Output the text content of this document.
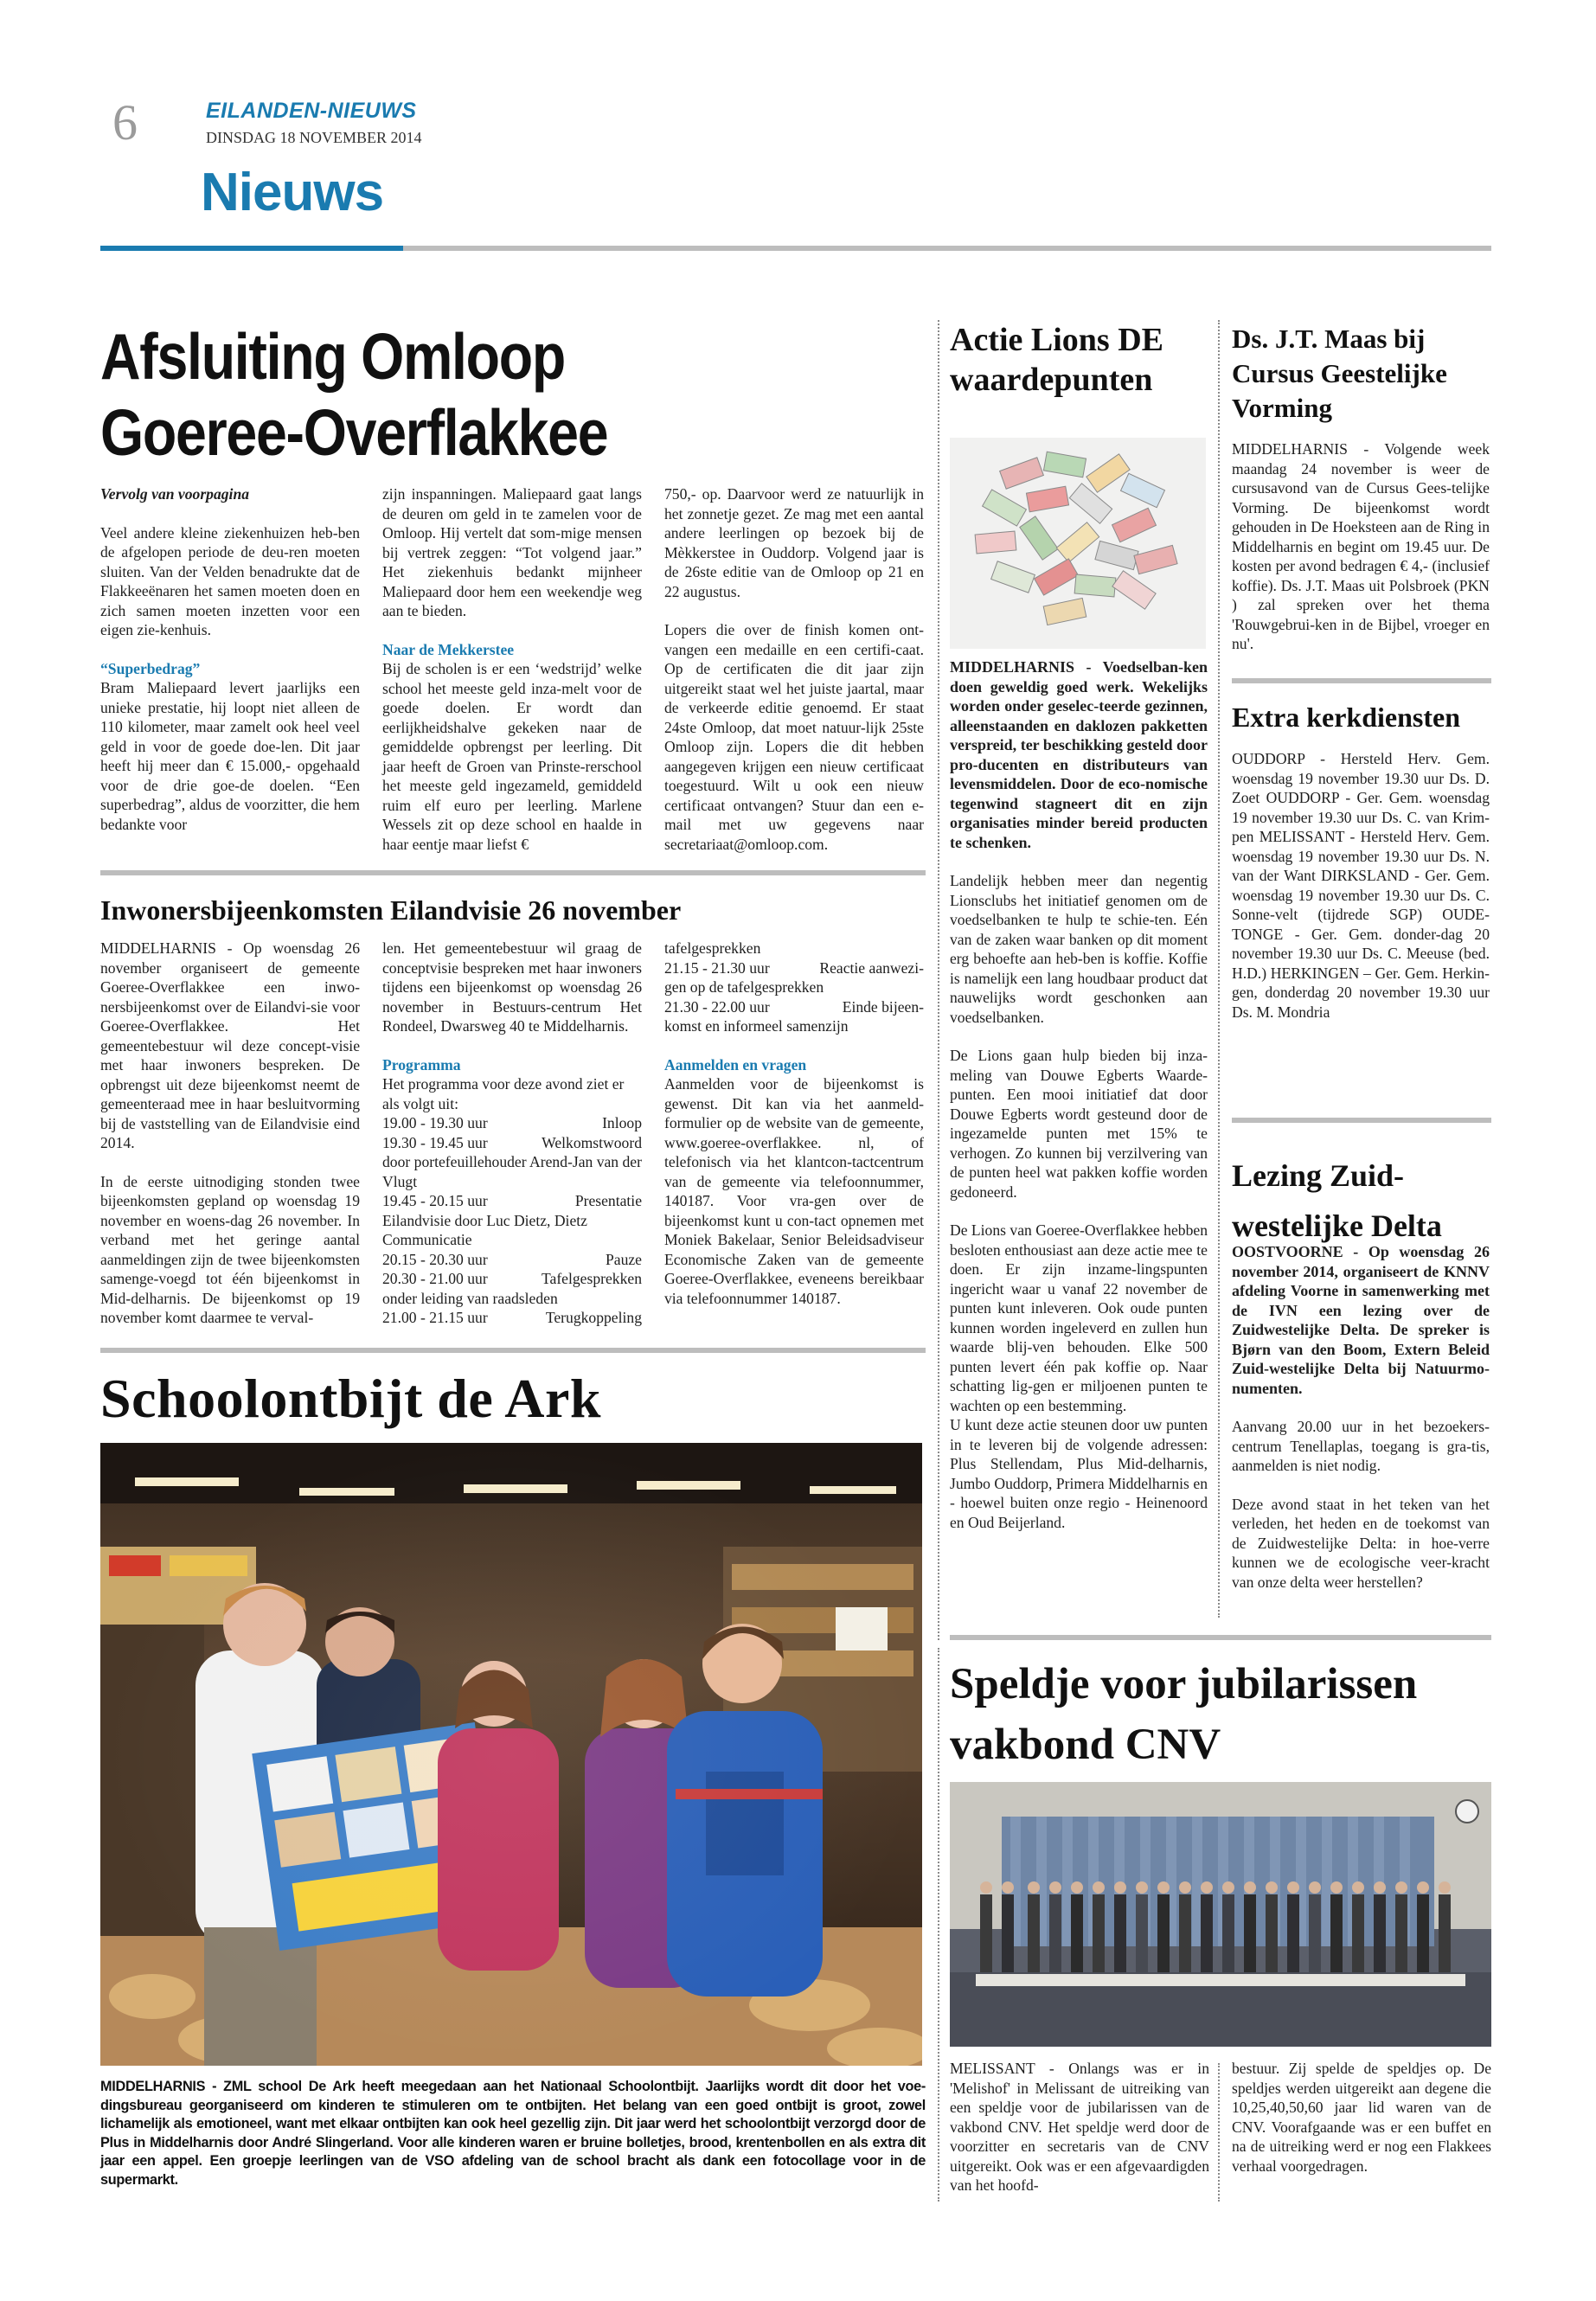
6	EILANDEN-NIEUWS
DINSDAG 18 NOVEMBER 2014
Nieuws
Afsluiting Omloop
Goeree-Overflakkee

Vervolg van voorpagina

Veel andere kleine ziekenhuizen heb-ben de afgelopen periode de deu-ren moeten sluiten. Van der Velden benadrukte dat de Flakkeeënaren het samen moeten doen en zich samen moeten inzetten voor een eigen zie-kenhuis.

“Superbedrag”
Bram Maliepaard levert jaarlijks een unieke prestatie, hij loopt niet alleen de 110 kilometer, maar zamelt ook heel veel geld in voor de goede doe-len. Dit jaar heeft hij meer dan € 15.000,- opgehaald voor de drie goe-de doelen. “Een superbedrag”, aldus de voorzitter, die hem bedankte voor

zijn inspanningen. Maliepaard gaat langs de deuren om geld in te zamelen voor de Omloop. Hij vertelt dat som-mige mensen bij vertrek zeggen: “Tot volgend jaar.” Het ziekenhuis bedankt mijnheer Maliepaard door hem een weekendje weg aan te bieden.

Naar de Mekkerstee
Bij de scholen is er een ‘wedstrijd’ welke school het meeste geld inza-melt voor de goede doelen. Er wordt dan eerlijkheidshalve gekeken naar de gemiddelde opbrengst per leerling. Dit jaar heeft de Groen van Prinste-rerschool het meeste geld ingezameld, gemiddeld ruim elf euro per leerling. Marlene Wessels zit op deze school en haalde in haar eentje maar liefst €

750,- op. Daarvoor werd ze natuurlijk in het zonnetje gezet. Ze mag met een aantal andere leerlingen op bezoek bij de Mèkkerstee in Ouddorp. Volgend jaar is de 26ste editie van de Omloop op 21 en 22 augustus.

Lopers die over de finish komen ont-vangen een medaille en een certifi-caat. Op de certificaten die dit jaar zijn uitgereikt staat wel het juiste jaartal, maar de verkeerde editie genoemd. Er staat 24ste Omloop, dat moet natuur-lijk 25ste Omloop zijn. Lopers die dit hebben aangegeven krijgen een nieuw certificaat toegestuurd. Wilt u ook een nieuw certificaat ontvangen? Stuur dan een e-mail met uw gegevens naar secretariaat@omloop.com.

Inwonersbijeenkomsten Eilandvisie 26 november

MIDDELHARNIS - Op woensdag 26 november organiseert de gemeente Goeree-Overflakkee een inwo-nersbijeenkomst over de Eilandvi-sie voor Goeree-Overflakkee. Het gemeentebestuur wil deze concept-visie met haar inwoners bespreken. De opbrengst uit deze bijeenkomst neemt de gemeenteraad mee in haar besluitvorming bij de vaststelling van de Eilandvisie eind 2014.

In de eerste uitnodiging stonden twee bijeenkomsten gepland op woensdag 19 november en woens-dag 26 november. In verband met het geringe aantal aanmeldingen zijn de twee bijeenkomsten samenge-voegd tot één bijeenkomst in Mid-delharnis. De bijeenkomst op 19 november komt daarmee te verval-

len. Het gemeentebestuur wil graag de conceptvisie bespreken met haar inwoners tijdens een bijeenkomst op woensdag 26 november in Bestuurs-centrum Het Rondeel, Dwarsweg 40 te Middelharnis.

Programma
Het programma voor deze avond ziet er als volgt uit:
19.00 - 19.30 uur	Inloop
19.30 - 19.45 uur	Welkomstwoord
door portefeuillehouder Arend-Jan van der Vlugt
19.45 - 20.15 uur	Presentatie
Eilandvisie door Luc Dietz, Dietz Communicatie
20.15 - 20.30 uur	Pauze
20.30 - 21.00 uur	Tafelgesprekken
onder leiding van raadsleden
21.00 - 21.15 uur	Terugkoppeling
tafelgesprekken
21.15 - 21.30 uur	Reactie aanwezi-
gen op de tafelgesprekken
21.30 - 22.00 uur	Einde bijeen-
komst en informeel samenzijn
Aanmelden en vragen
Aanmelden voor de bijeenkomst is gewenst. Dit kan via het aanmeld-formulier op de website van de gemeente, www.goeree-overflakkee. nl, of telefonisch via het klantcon-tactcentrum van de gemeente via telefoonnummer, 140187. Voor vra-gen over de bijeenkomst kunt u con-tact opnemen met Moniek Bakelaar, Senior Beleidsadviseur Economische Zaken van de gemeente Goeree-Overflakkee, eveneens bereikbaar via telefoonnummer 140187.
Schoolontbijt de Ark
MIDDELHARNIS - ZML school De Ark heeft meegedaan aan het Nationaal Schoolontbijt. Jaarlijks wordt dit door het voe-dingsbureau georganiseerd om kinderen te stimuleren om te ontbijten. Het belang van een goed ontbijt is groot, zowel lichamelijk als emotioneel, want met elkaar ontbijten kan ook heel gezellig zijn. Dit jaar werd het schoolontbijt verzorgd door de Plus in Middelharnis door André Slingerland. Voor alle kinderen waren er bruine bolletjes, brood, krentenbollen en als extra dit jaar een appel. Een groepje leerlingen van de VSO afdeling van de school bracht als dank een fotocollage voor in de supermarkt.
Actie Lions DE waardepunten

MIDDELHARNIS - Voedselban-ken doen geweldig goed werk. Wekelijks worden onder geselec-teerde gezinnen, alleenstaanden en daklozen pakketten verspreid, ter beschikking gesteld door pro-ducenten en distributeurs van levensmiddelen. Door de eco-nomische tegenwind stagneert dit en zijn organisaties minder bereid producten te schenken.

Landelijk hebben meer dan negentig Lionsclubs het initiatief genomen om de voedselbanken te hulp te schie-ten. Eén van de zaken waar banken op dit moment erg behoefte aan heb-ben is koffie. Koffie is namelijk een lang houdbaar product dat nauwelijks wordt geschonken aan voedselbanken.

De Lions gaan hulp bieden bij inza-meling van Douwe Egberts Waarde-punten. Een mooi initiatief dat door Douwe Egberts wordt gesteund door de ingezamelde punten met 15% te verhogen. Zo kunnen bij verzilvering van de punten heel wat pakken koffie worden gedoneerd.

De Lions van Goeree-Overflakkee hebben besloten enthousiast aan deze actie mee te doen. Er zijn inzame-lingspunten ingericht waar u vanaf 22 november de punten kunt inleveren. Ook oude punten kunnen worden ingeleverd en zullen hun waarde blij-ven behouden. Elke 500 punten levert één pak koffie op. Naar schatting lig-gen er miljoenen punten te wachten op een bestemming.

U kunt deze actie steunen door uw punten in te leveren bij de volgende adressen: Plus Stellendam, Plus Mid-delharnis, Jumbo Ouddorp, Primera Middelharnis en - hoewel buiten onze regio - Heinenoord en Oud Beijerland.

Ds. J.T. Maas bij Cursus Geestelijke Vorming
MIDDELHARNIS - Volgende week maandag 24 november is weer de cursusavond van de Cursus Gees-telijke Vorming. De bijeenkomst wordt gehouden in De Hoeksteen aan de Ring in Middelharnis en begint om 19.45 uur. De kosten per avond bedragen € 4,- (inclusief koffie). Ds. J.T. Maas uit Polsbroek (PKN ) zal spreken over het thema 'Rouwgebrui-ken in de Bijbel, vroeger en nu'.
Extra kerkdiensten
OUDDORP - Hersteld Herv. Gem. woensdag 19 november 19.30 uur Ds. D. Zoet OUDDORP - Ger. Gem. woensdag 19 november 19.30 uur Ds. C. van Krim-pen MELISSANT - Hersteld Herv. Gem. woensdag 19 november 19.30 uur Ds. N. van der Want DIRKSLAND - Ger. Gem. woensdag 19 november 19.30 uur Ds. C. Sonne-velt (tijdrede SGP) OUDE-TONGE - Ger. Gem. donder-dag 20 november 19.30 uur Ds. C. Meeuse (bed. H.D.) HERKINGEN – Ger. Gem. Herkin-gen, donderdag 20 november 19.30 uur Ds. M. Mondria
Lezing Zuid-westelijke Delta

OOSTVOORNE - Op woensdag 26 november 2014, organiseert de KNNV afdeling Voorne in samenwerking met de IVN een lezing over de Zuidwestelijke Delta. De spreker is Bjørn van den Boom, Extern Beleid Zuid-westelijke Delta bij Natuurmo-numenten.

Aanvang 20.00 uur in het bezoekers-centrum Tenellaplas, toegang is gra-tis, aanmelden is niet nodig.

Deze avond staat in het teken van het verleden, het heden en de toekomst van de Zuidwestelijke Delta: in hoe-verre kunnen we de ecologische veer-kracht van onze delta weer herstellen?

Speldje voor jubilarissen
vakbond CNV
MELISSANT - Onlangs was er in 'Melishof' in Melissant de uitreiking van een speldje voor de jubilarissen van de vakbond CNV. Het speldje werd door de voorzitter en secretaris van de CNV uitgereikt. Ook was er een afgevaardigden van het hoofd-
bestuur. Zij spelde de speldjes op. De speldjes werden uitgereikt aan degene die 10,25,40,50,60 jaar lid waren van de CNV. Voorafgaande was er een buffet en na de uitreiking werd er nog een Flakkees verhaal voorgedragen.
